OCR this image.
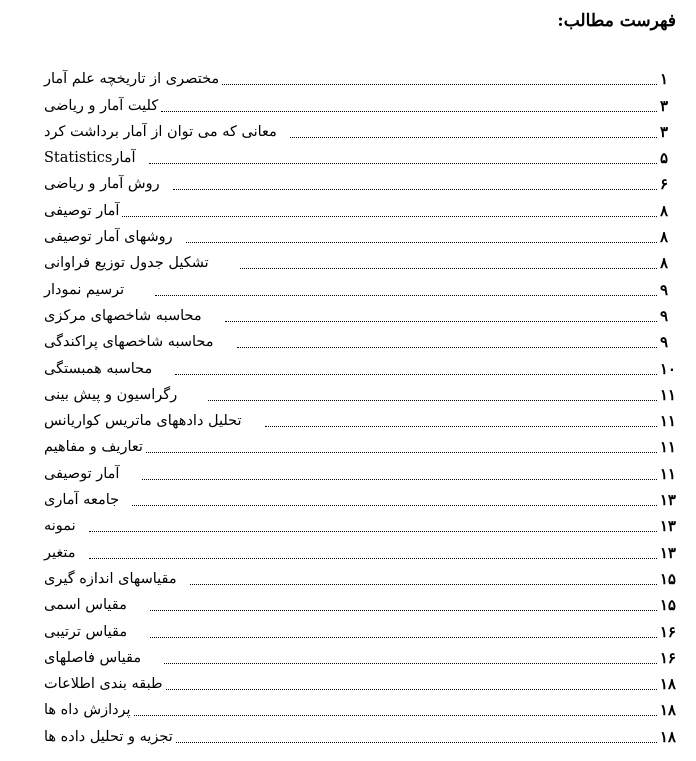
فهرست مطالب:
مختصری از تاریخچه علم آمار	۱
کلیت آمار و ریاضی	۳
معانی که می توان از آمار برداشت کرد	۳
آمارStatistics	۵
روش آمار و ریاضی	۶
آمار توصیفی	۸
روشهای آمار توصیفی	۸
تشکیل جدول توزیع فراوانی	۸
ترسیم نمودار	۹
محاسبه شاخصهای مرکزی	۹
محاسبه شاخصهای پراکندگی	۹
محاسبه همبستگی	۱۰
رگراسیون و پیش بینی	۱۱
تحلیل دادههای ماتریس کواریانس	۱۱
تعاریف و مفاهیم	۱۱
آمار توصیفی	۱۱
جامعه آماری	۱۳
نمونه	۱۳
متغیر	۱۳
مقیاسهای اندازه گیری	۱۵
مقیاس اسمی	۱۵
مقیاس ترتیبی	۱۶
مقیاس فاصلهای	۱۶
طبقه بندی اطلاعات	۱۸
پردازش داه ها	۱۸
تجزیه و تحلیل داده ها	۱۸
